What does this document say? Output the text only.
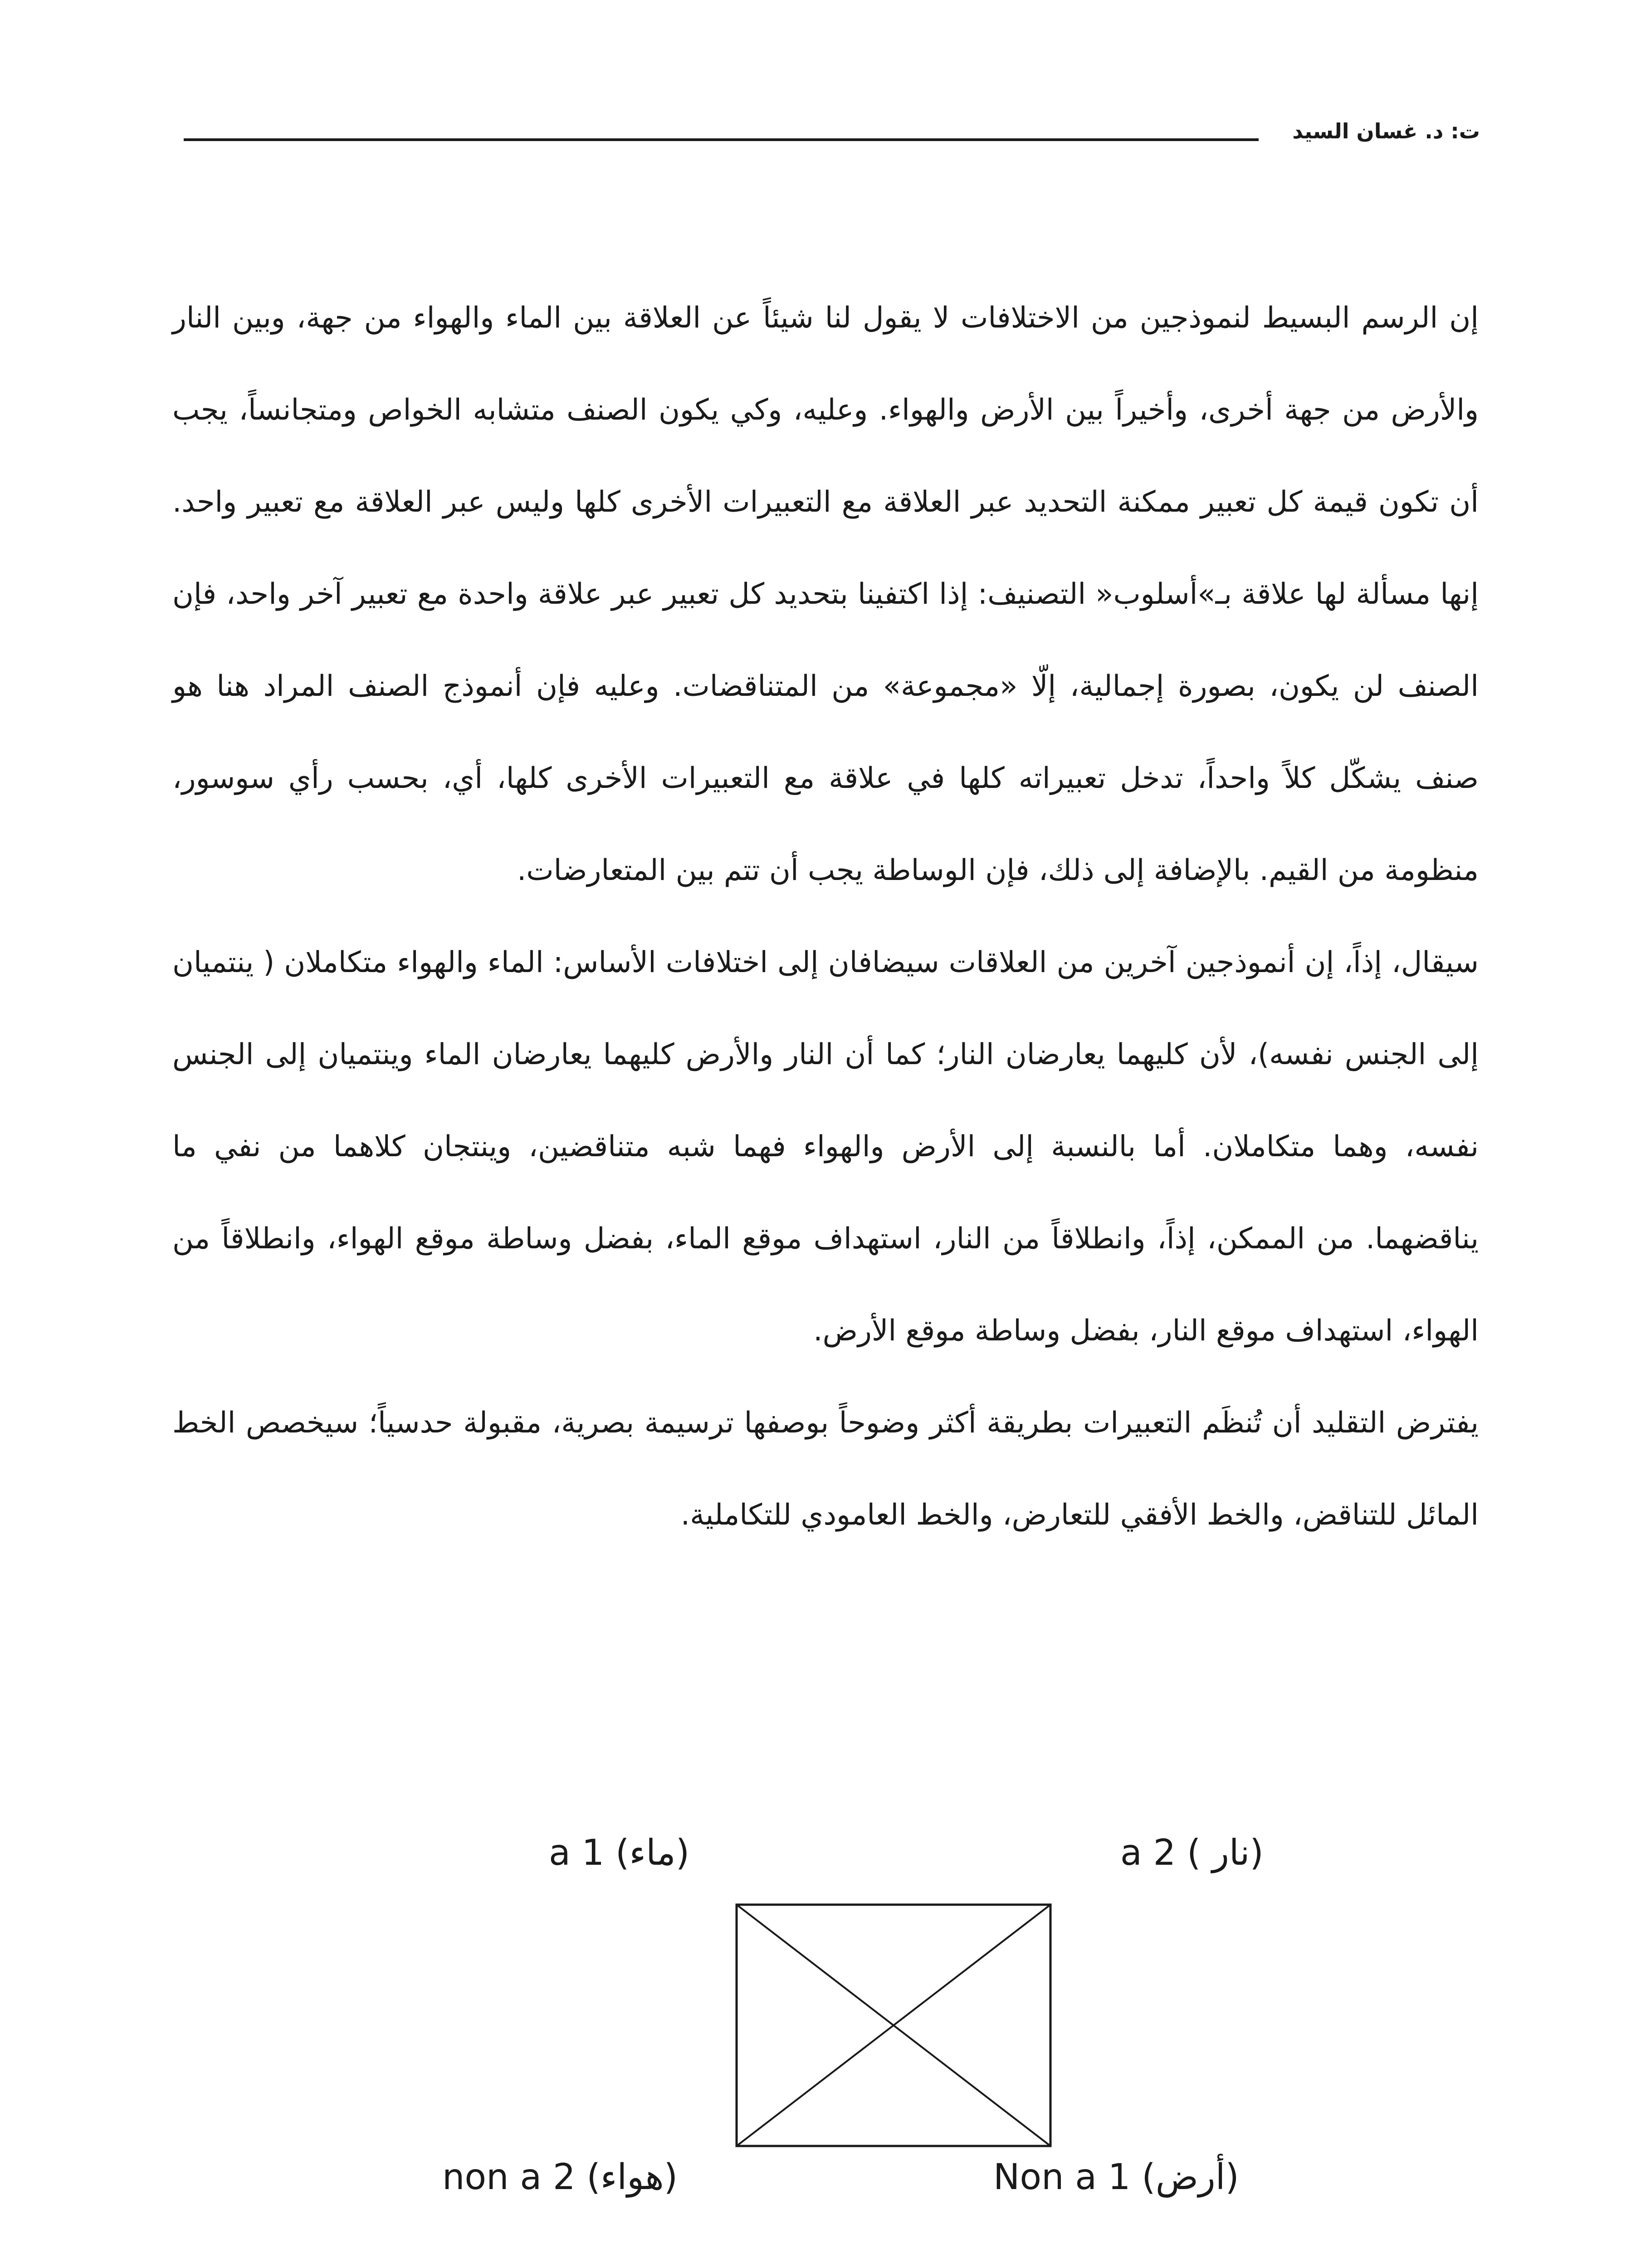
ت: د. غسان السيد

إن الرسم البسيط لنموذجين من الاختلافات لا يقول لنا شيئاً عن العلاقة بين الماء والهواء من جهة، وبين النار والأرض من جهة أخرى، وأخيراً بين الأرض والهواء. وعليه، وكي يكون الصنف متشابه الخواص ومتجانساً، يجب أن تكون قيمة كل تعبير ممكنة التحديد عبر العلاقة مع التعبيرات الأخرى كلها وليس عبر العلاقة مع تعبير واحد. إنها مسألة لها علاقة بـ»أسلوب« التصنيف: إذا اكتفينا بتحديد كل تعبير عبر علاقة واحدة مع تعبير آخر واحد، فإن الصنف لن يكون، بصورة إجمالية، إلّا «مجموعة» من المتناقضات. وعليه فإن أنموذج الصنف المراد هنا هو صنف يشكّل كلاً واحداً، تدخل تعبيراته كلها في علاقة مع التعبيرات الأخرى كلها، أي، بحسب رأي سوسور، منظومة من القيم. بالإضافة إلى ذلك، فإن الوساطة يجب أن تتم بين المتعارضات.

سيقال، إذاً، إن أنموذجين آخرين من العلاقات سيضافان إلى اختلافات الأساس: الماء والهواء متكاملان ( ينتميان إلى الجنس نفسه)، لأن كليهما يعارضان النار؛ كما أن النار والأرض كليهما يعارضان الماء وينتميان إلى الجنس نفسه، وهما متكاملان. أما بالنسبة إلى الأرض والهواء فهما شبه متناقضين، وينتجان كلاهما من نفي ما يناقضهما. من الممكن، إذاً، وانطلاقاً من النار، استهداف موقع الماء، بفضل وساطة موقع الهواء، وانطلاقاً من الهواء، استهداف موقع النار، بفضل وساطة موقع الأرض.

يفترض التقليد أن تُنظَم التعبيرات بطريقة أكثر وضوحاً بوصفها ترسيمة بصرية، مقبولة حدسياً؛ سيخصص الخط المائل للتناقض، والخط الأفقي للتعارض، والخط العامودي للتكاملية.

a 1 (ماء)	a 2 ( نار)
non a 2 (هواء)	Non a 1 (أرض)
